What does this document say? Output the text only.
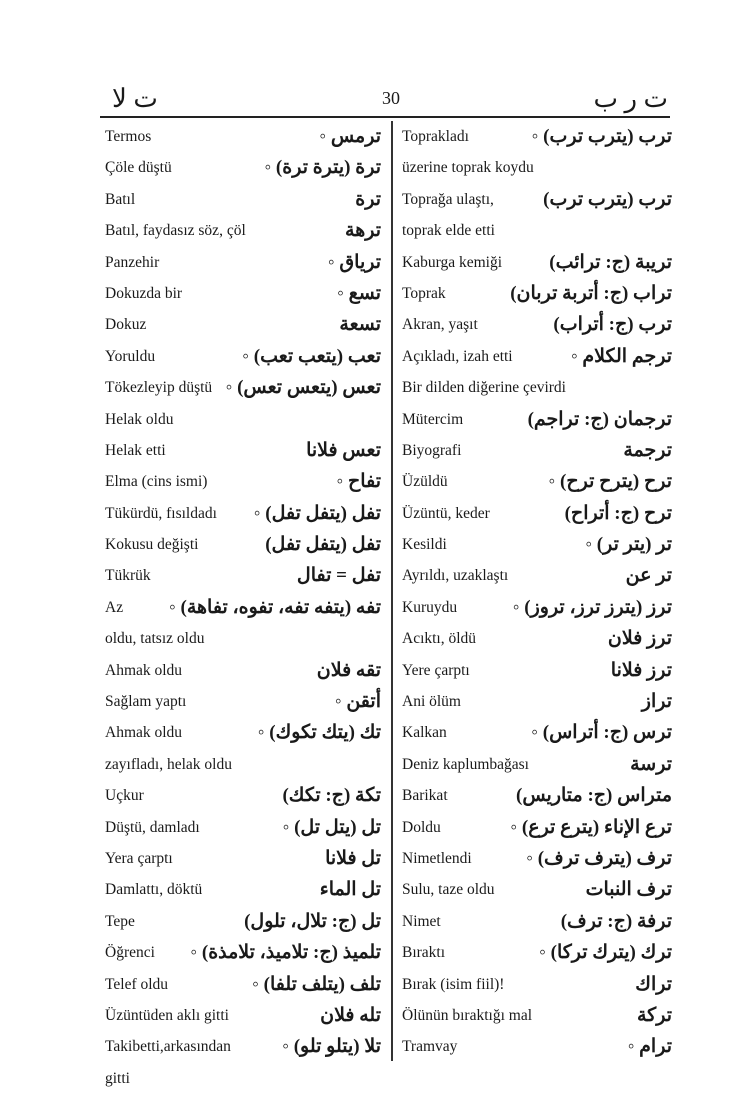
ت لا	30	ت ر ب
Termos	ترمس ◦
Çöle düştü	ترة (يترة ترة) ◦
Batıl	ترة
Batıl, faydasız söz, çöl	ترهة
Panzehir	ترياق ◦
Dokuzda bir	تسع ◦
Dokuz	تسعة
Yoruldu	تعب (يتعب تعب) ◦
Tökezleyip düştü تعس (يتعس تعس) ◦
Helak oldu
Helak etti	تعس فلانا
Elma (cins ismi)	تفاح ◦
Tükürdü, fısıldadı تفل (يتفل تفل) ◦
Kokusu değişti	تفل (يتفل تفل)
Tükrük	تفل = تفال
Az تفه (يتفه تفه، تفوه، تفاهة) ◦
oldu, tatsız oldu
Ahmak oldu	تقه فلان
Sağlam yaptı	أتقن ◦
Ahmak oldu	تك (يتك تكوك) ◦
zayıfladı, helak oldu
Uçkur	تكة (ج: تكك)
Düştü, damladı	تل (يتل تل) ◦
Yera çarptı	تل فلانا
Damlattı, döktü	تل الماء
Tepe	تل (ج: تلال، تلول)
Öğrenci تلميذ (ج: تلاميذ، تلامذة) ◦
Telef oldu	تلف (يتلف تلفا) ◦
Üzüntüden aklı gitti	تله فلان
Takibetti,arkasından	تلا (يتلو تلو) ◦
gitti
Toprakladı	ترب (يترب ترب) ◦
üzerine toprak koydu
Toprağa ulaştı,	ترب (يترب ترب)
toprak elde etti
Kaburga kemiği تريبة (ج: ترائب)
Toprak	تراب (ج: أتربة تربان)
Akran, yaşıt	ترب (ج: أتراب)
Açıkladı, izah etti	ترجم الكلام ◦
Bir dilden diğerine çevirdi
Mütercim	ترجمان (ج: تراجم)
Biyografi	ترجمة
Üzüldü	ترح (يترح ترح) ◦
Üzüntü, keder	ترح (ج: أتراح)
Kesildi	تر (يتر تر) ◦
Ayrıldı, uzaklaştı	تر عن
Kuruydu	ترز (يترز ترز، تروز) ◦
Acıktı, öldü	ترز فلان
Yere çarptı	ترز فلانا
Ani ölüm	تراز
Kalkan	ترس (ج: أتراس) ◦
Deniz kaplumbağası	ترسة
Barikat	متراس (ج: متاريس)
Doldu	ترع الإناء (يترع ترع) ◦
Nimetlendi	ترف (يترف ترف) ◦
Sulu, taze oldu	ترف النبات
Nimet	ترفة (ج: ترف)
Bıraktı	ترك (يترك تركا) ◦
Bırak (isim fiil)!	تراك
Ölünün bıraktığı mal	تركة
Tramvay	ترام ◦
